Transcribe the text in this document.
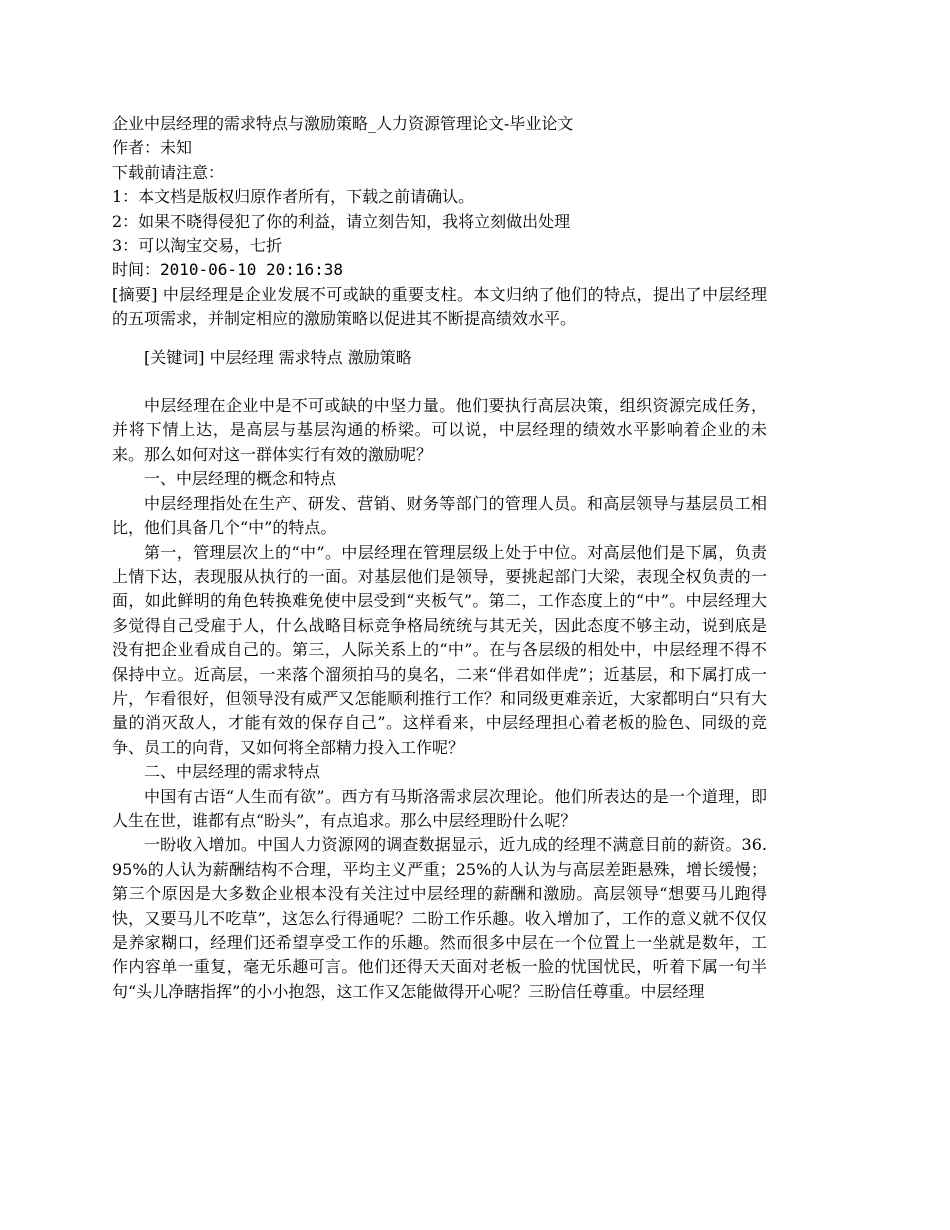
企业中层经理的需求特点与激励策略_人力资源管理论文-毕业论文
作者：未知
下载前请注意：
1：本文档是版权归原作者所有，下载之前请确认。
2：如果不晓得侵犯了你的利益，请立刻告知，我将立刻做出处理
3：可以淘宝交易，七折
时间：2010-06-10 20:16:38

[摘要] 中层经理是企业发展不可或缺的重要支柱。本文归纳了他们的特点，提出了中层经理的五项需求，并制定相应的激励策略以促进其不断提高绩效水平。

[关键词] 中层经理 需求特点 激励策略

中层经理在企业中是不可或缺的中坚力量。他们要执行高层决策，组织资源完成任务，并将下情上达，是高层与基层沟通的桥梁。可以说，中层经理的绩效水平影响着企业的未来。那么如何对这一群体实行有效的激励呢？

一、中层经理的概念和特点

中层经理指处在生产、研发、营销、财务等部门的管理人员。和高层领导与基层员工相比，他们具备几个“中”的特点。

第一，管理层次上的“中”。中层经理在管理层级上处于中位。对高层他们是下属，负责上情下达，表现服从执行的一面。对基层他们是领导，要挑起部门大梁，表现全权负责的一面，如此鲜明的角色转换难免使中层受到“夹板气”。第二，工作态度上的“中”。中层经理大多觉得自己受雇于人，什么战略目标竞争格局统统与其无关，因此态度不够主动，说到底是没有把企业看成自己的。第三，人际关系上的“中”。在与各层级的相处中，中层经理不得不保持中立。近高层，一来落个溜须拍马的臭名，二来“伴君如伴虎”；近基层，和下属打成一片，乍看很好，但领导没有威严又怎能顺利推行工作？和同级更难亲近，大家都明白“只有大量的消灭敌人，才能有效的保存自己”。这样看来，中层经理担心着老板的脸色、同级的竞争、员工的向背，又如何将全部精力投入工作呢？

二、中层经理的需求特点

中国有古语“人生而有欲”。西方有马斯洛需求层次理论。他们所表达的是一个道理，即人生在世，谁都有点“盼头”，有点追求。那么中层经理盼什么呢？

一盼收入增加。中国人力资源网的调查数据显示，近九成的经理不满意目前的薪资。36.95%的人认为薪酬结构不合理，平均主义严重；25%的人认为与高层差距悬殊，增长缓慢；第三个原因是大多数企业根本没有关注过中层经理的薪酬和激励。高层领导“想要马儿跑得快，又要马儿不吃草”，这怎么行得通呢？二盼工作乐趣。收入增加了，工作的意义就不仅仅是养家糊口，经理们还希望享受工作的乐趣。然而很多中层在一个位置上一坐就是数年，工作内容单一重复，毫无乐趣可言。他们还得天天面对老板一脸的忧国忧民，听着下属一句半句“头儿净瞎指挥”的小小抱怨，这工作又怎能做得开心呢？三盼信任尊重。中层经理
